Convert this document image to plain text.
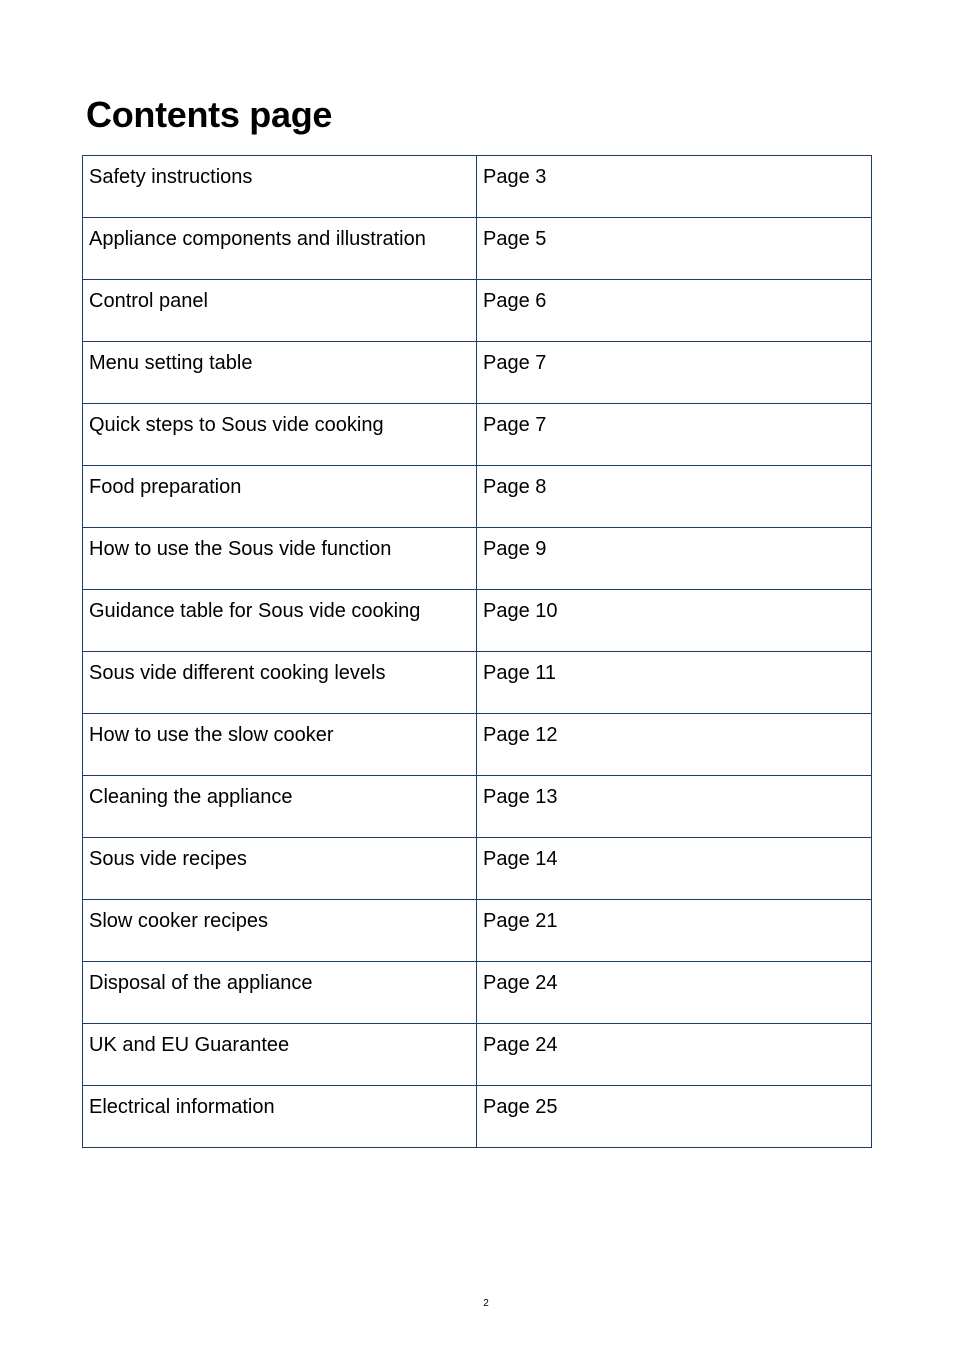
Contents page
Safety instructions	Page 3
Appliance components and illustration	Page 5
Control panel	Page 6
Menu setting table	Page 7
Quick steps to Sous vide cooking	Page 7
Food preparation	Page 8
How to use the Sous vide function	Page 9
Guidance table for Sous vide cooking	Page 10
Sous vide different cooking levels	Page 11
How to use the slow cooker	Page 12
Cleaning the appliance	Page 13
Sous vide recipes	Page 14
Slow cooker recipes	Page 21
Disposal of the appliance	Page 24
UK and EU Guarantee	Page 24
Electrical information	Page 25
2
